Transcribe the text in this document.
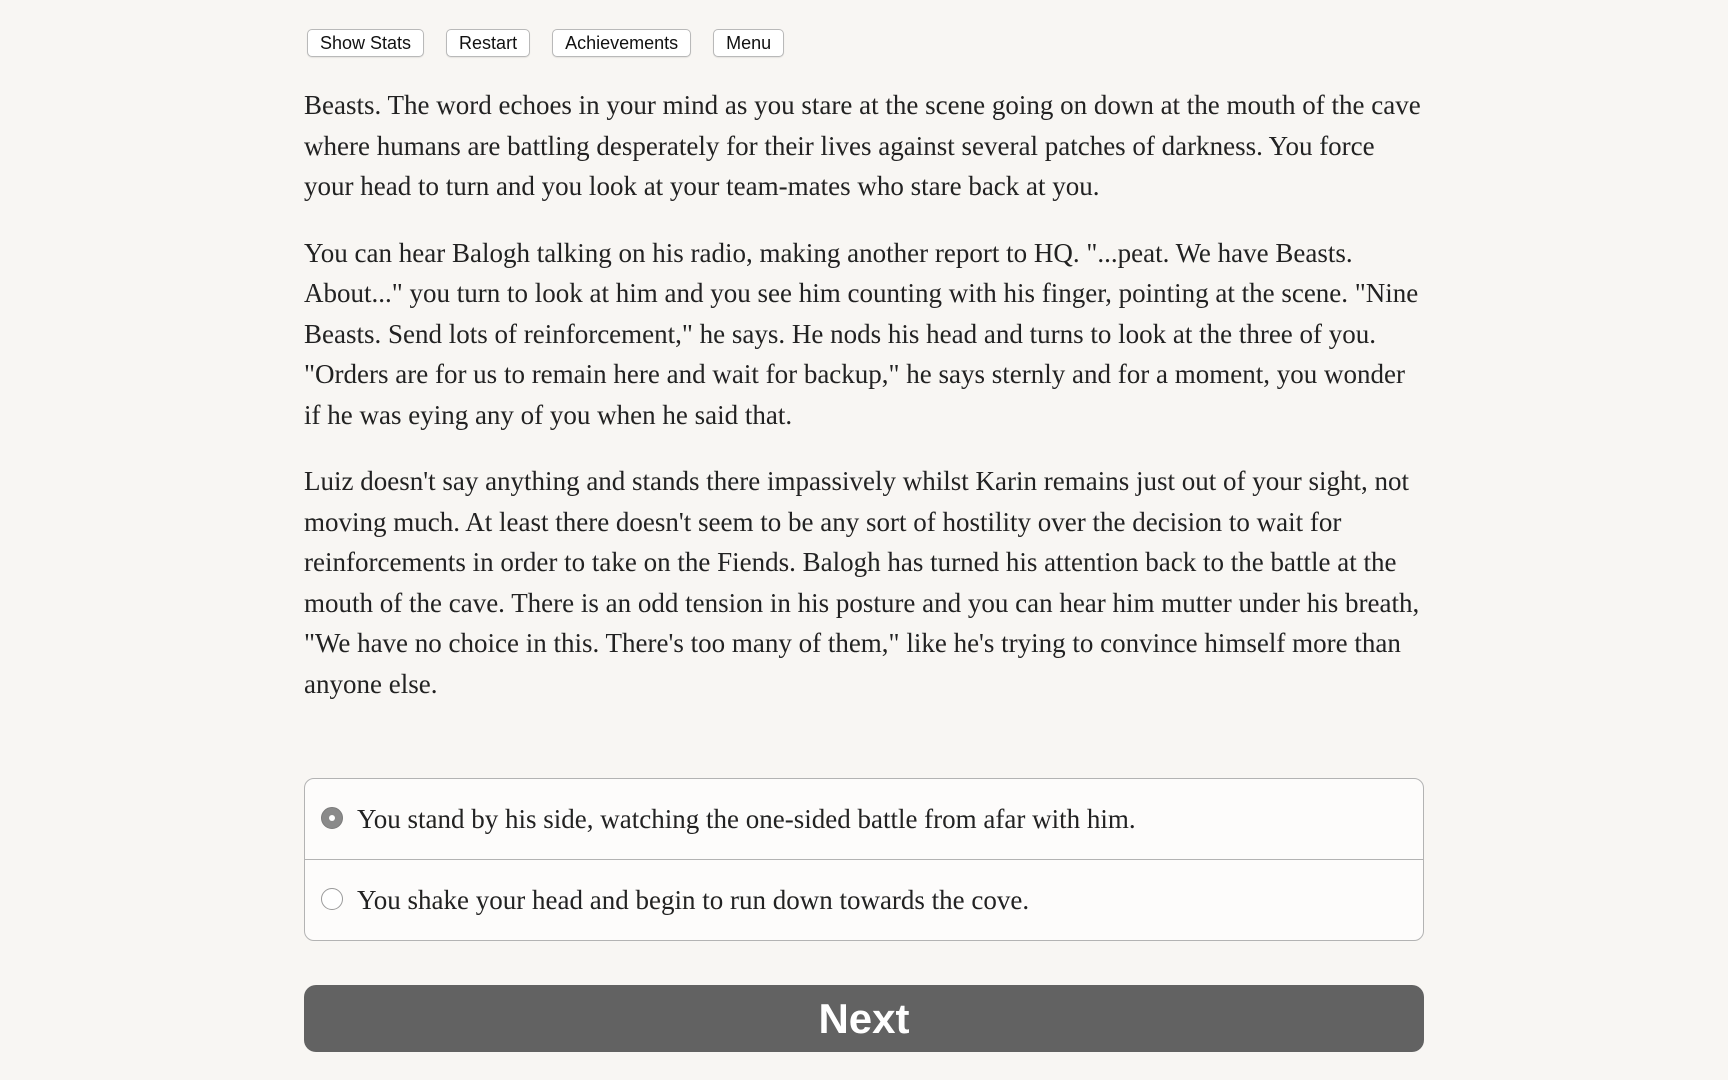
Show Stats	Restart	Achievements	Menu

Beasts. The word echoes in your mind as you stare at the scene going on down at the mouth of the cave where humans are battling desperately for their lives against several patches of darkness. You force your head to turn and you look at your team-mates who stare back at you.

You can hear Balogh talking on his radio, making another report to HQ. "...peat. We have Beasts. About..." you turn to look at him and you see him counting with his finger, pointing at the scene. "Nine Beasts. Send lots of reinforcement," he says. He nods his head and turns to look at the three of you. "Orders are for us to remain here and wait for backup," he says sternly and for a moment, you wonder if he was eying any of you when he said that.

Luiz doesn't say anything and stands there impassively whilst Karin remains just out of your sight, not moving much. At least there doesn't seem to be any sort of hostility over the decision to wait for reinforcements in order to take on the Fiends. Balogh has turned his attention back to the battle at the mouth of the cave. There is an odd tension in his posture and you can hear him mutter under his breath, "We have no choice in this. There's too many of them," like he's trying to convince himself more than anyone else.

You stand by his side, watching the one-sided battle from afar with him.
You shake your head and begin to run down towards the cove.
Next
